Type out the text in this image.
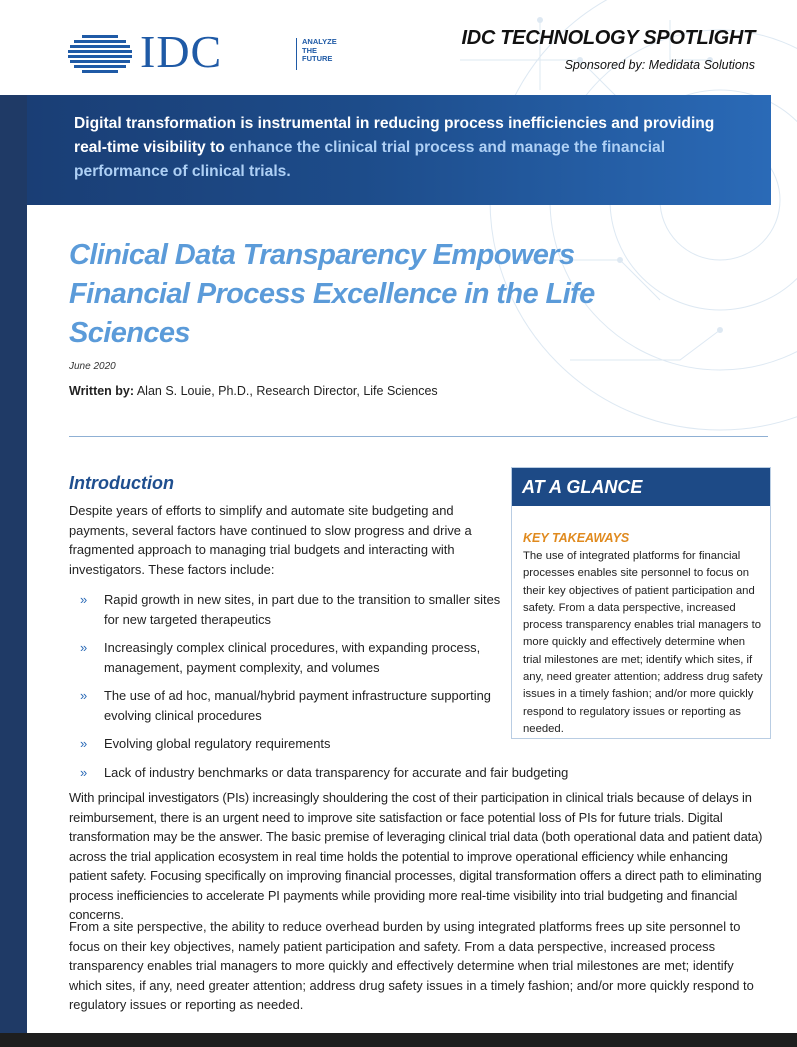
IDC	ANALYZE
THE
FUTURE
IDC TECHNOLOGY SPOTLIGHT
Sponsored by: Medidata Solutions
Digital transformation is instrumental in reducing process inefficiencies and providing real-time visibility to enhance the clinical trial process and manage the financial performance of clinical trials.
Clinical Data Transparency Empowers Financial Process Excellence in the Life Sciences
June 2020
Written by: Alan S. Louie, Ph.D., Research Director, Life Sciences
Introduction
Despite years of efforts to simplify and automate site budgeting and payments, several factors have continued to slow progress and drive a fragmented approach to managing trial budgets and interacting with investigators. These factors include:
» Rapid growth in new sites, in part due to the transition to smaller sites for new targeted therapeutics
» Increasingly complex clinical procedures, with expanding process, management, payment complexity, and volumes
» The use of ad hoc, manual/hybrid payment infrastructure supporting evolving clinical procedures
» Evolving global regulatory requirements
» Lack of industry benchmarks or data transparency for accurate and fair budgeting
With principal investigators (PIs) increasingly shouldering the cost of their participation in clinical trials because of delays in reimbursement, there is an urgent need to improve site satisfaction or face potential loss of PIs for future trials. Digital transformation may be the answer. The basic premise of leveraging clinical trial data (both operational data and patient data) across the trial application ecosystem in real time holds the potential to improve operational efficiency while enhancing patient safety. Focusing specifically on improving financial processes, digital transformation offers a direct path to eliminating process inefficiencies to accelerate PI payments while providing more real-time visibility into trial budgeting and financial concerns.
From a site perspective, the ability to reduce overhead burden by using integrated platforms frees up site personnel to focus on their key objectives, namely patient participation and safety. From a data perspective, increased process transparency enables trial managers to more quickly and effectively determine when trial milestones are met; identify which sites, if any, need greater attention; address drug safety issues in a timely fashion; and/or more quickly respond to regulatory issues or reporting as needed.
AT A GLANCE
KEY TAKEAWAYS
The use of integrated platforms for financial processes enables site personnel to focus on their key objectives of patient participation and safety. From a data perspective, increased process transparency enables trial managers to more quickly and effectively determine when trial milestones are met; identify which sites, if any, need greater attention; address drug safety issues in a timely fashion; and/or more quickly respond to regulatory issues or reporting as needed.
